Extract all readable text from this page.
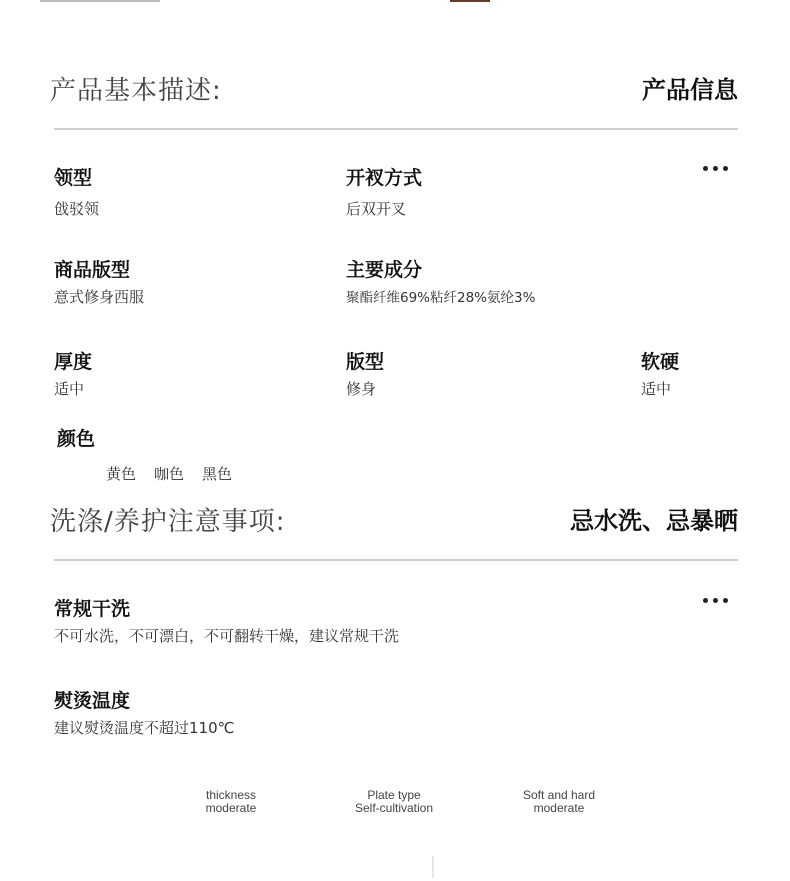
产品基本描述:	产品信息
领型
戗驳领
开衩方式
后双开叉
商品版型
意式修身西服
主要成分
聚酯纤维69%粘纤28%氨纶3%
厚度
适中
版型
修身
软硬
适中
颜色
黄色 咖色 黑色
洗涤/养护注意事项:	忌水洗、忌暴晒
常规干洗
不可水洗，不可漂白，不可翻转干燥，建议常规干洗
熨烫温度
建议熨烫温度不超过110℃
thickness
moderate
Plate type
Self-cultivation
Soft and hard
moderate
